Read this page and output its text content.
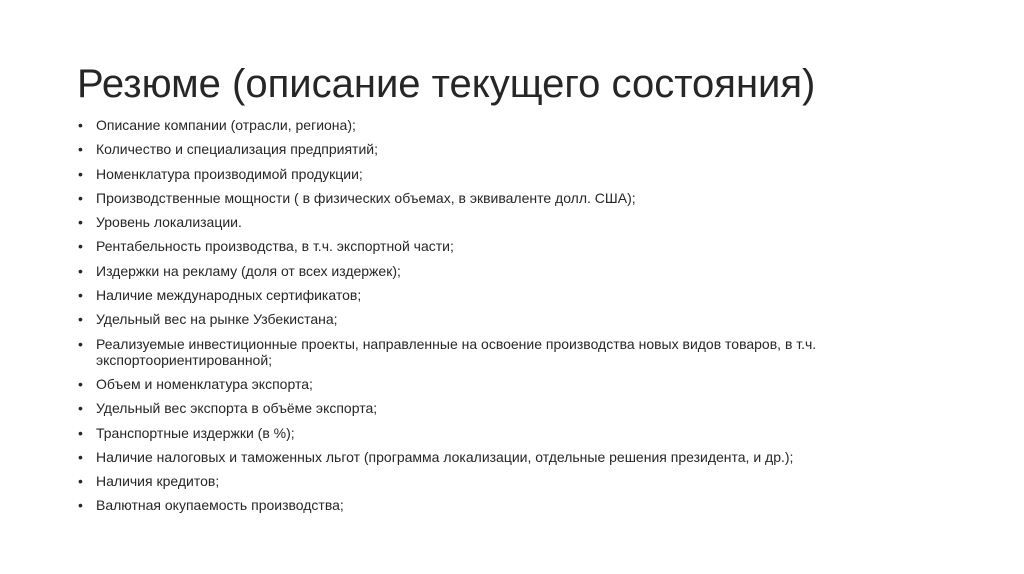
Резюме (описание текущего состояния)
• Описание компании (отрасли, региона);
• Количество и специализация предприятий;
• Номенклатура производимой продукции;
• Производственные мощности ( в физических объемах, в эквиваленте долл. США);
• Уровень локализации.
• Рентабельность производства, в т.ч. экспортной части;
• Издержки на рекламу (доля от всех издержек);
• Наличие международных сертификатов;
• Удельный вес на рынке Узбекистана;
• Реализуемые инвестиционные проекты, направленные на освоение производства новых видов товаров, в т.ч. экспортоориентированной;
• Объем и номенклатура экспорта;
• Удельный вес экспорта в объёме экспорта;
• Транспортные издержки (в %);
• Наличие налоговых и таможенных льгот (программа локализации, отдельные решения президента, и др.);
• Наличия кредитов;
• Валютная окупаемость производства;
